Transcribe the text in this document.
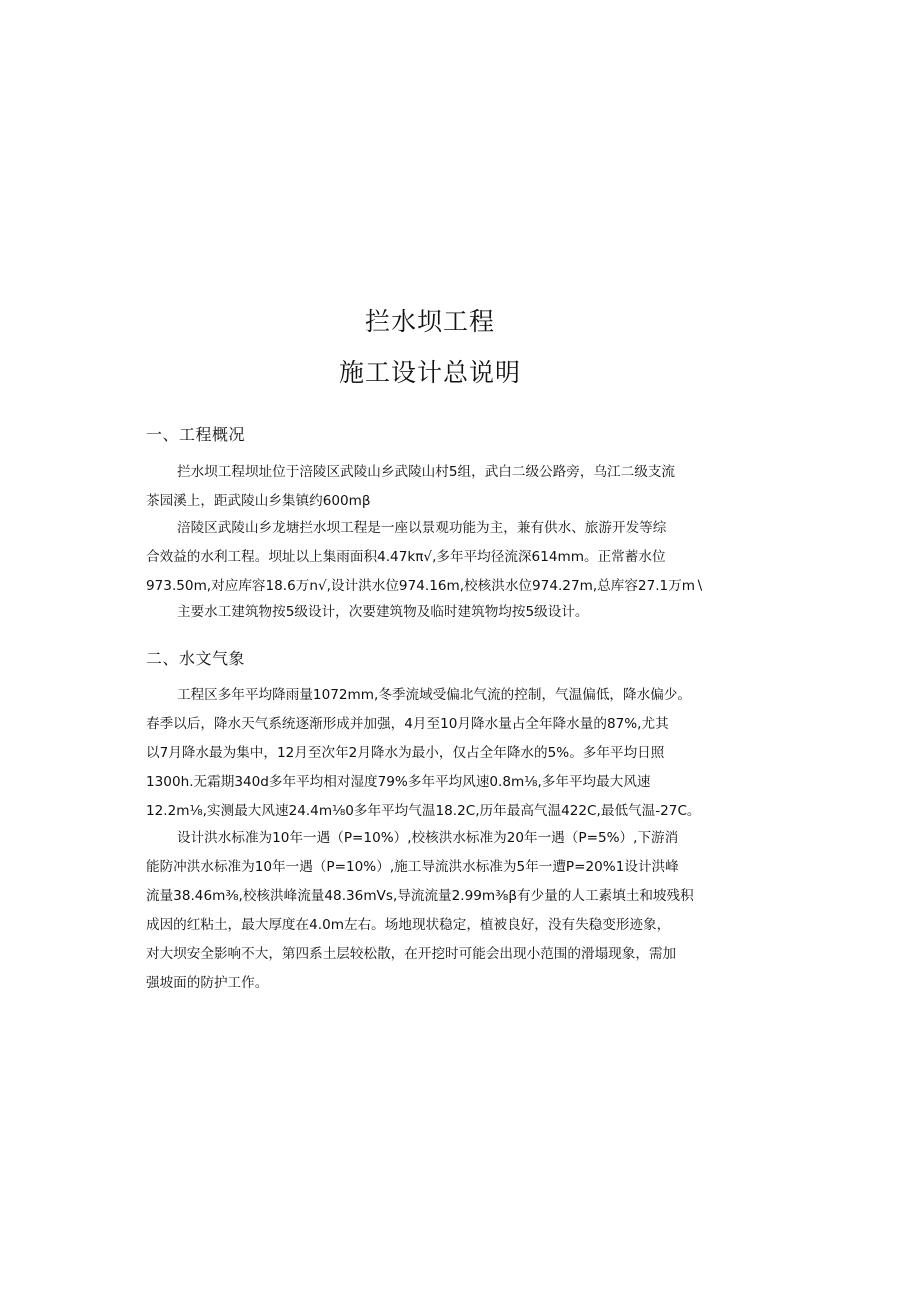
拦水坝工程
施工设计总说明
一、工程概况
拦水坝工程坝址位于涪陵区武陵山乡武陵山村5组，武白二级公路旁，乌江二级支流
茶园溪上，距武陵山乡集镇约600mβ
涪陵区武陵山乡龙塘拦水坝工程是一座以景观功能为主，兼有供水、旅游开发等综
合效益的水利工程。坝址以上集雨面积4.47kπ√,多年平均径流深614mm。正常蓄水位
973.50m,对应库容18.6万n√,设计洪水位974.16m,校核洪水位974.27m,总库容27.1万m∖
主要水工建筑物按5级设计，次要建筑物及临时建筑物均按5级设计。
二、水文气象
工程区多年平均降雨量1072mm,冬季流域受偏北气流的控制，气温偏低，降水偏少。
春季以后，降水天气系统逐渐形成并加强，4月至10月降水量占全年降水量的87%,尤其
以7月降水最为集中，12月至次年2月降水为最小，仅占全年降水的5%。多年平均日照
1300h.无霜期340d多年平均相对湿度79%多年平均风速0.8m⅛,多年平均最大风速
12.2m⅛,实测最大风速24.4m⅛0多年平均气温18.2C,历年最高气温422C,最低气温-27C。
设计洪水标准为10年一遇（P=10%）,校核洪水标准为20年一遇（P=5%）,下游消
能防冲洪水标准为10年一遇（P=10%）,施工导流洪水标准为5年一遭P=20%1设计洪峰
流量38.46m⅜,校核洪峰流量48.36mVs,导流流量2.99m⅜β有少量的人工素填土和坡残积
成因的红粘土，最大厚度在4.0m左右。场地现状稳定，植被良好，没有失稳变形迹象，
对大坝安全影响不大，第四系土层较松散，在开挖时可能会出现小范围的滑塌现象，需加
强坡面的防护工作。
